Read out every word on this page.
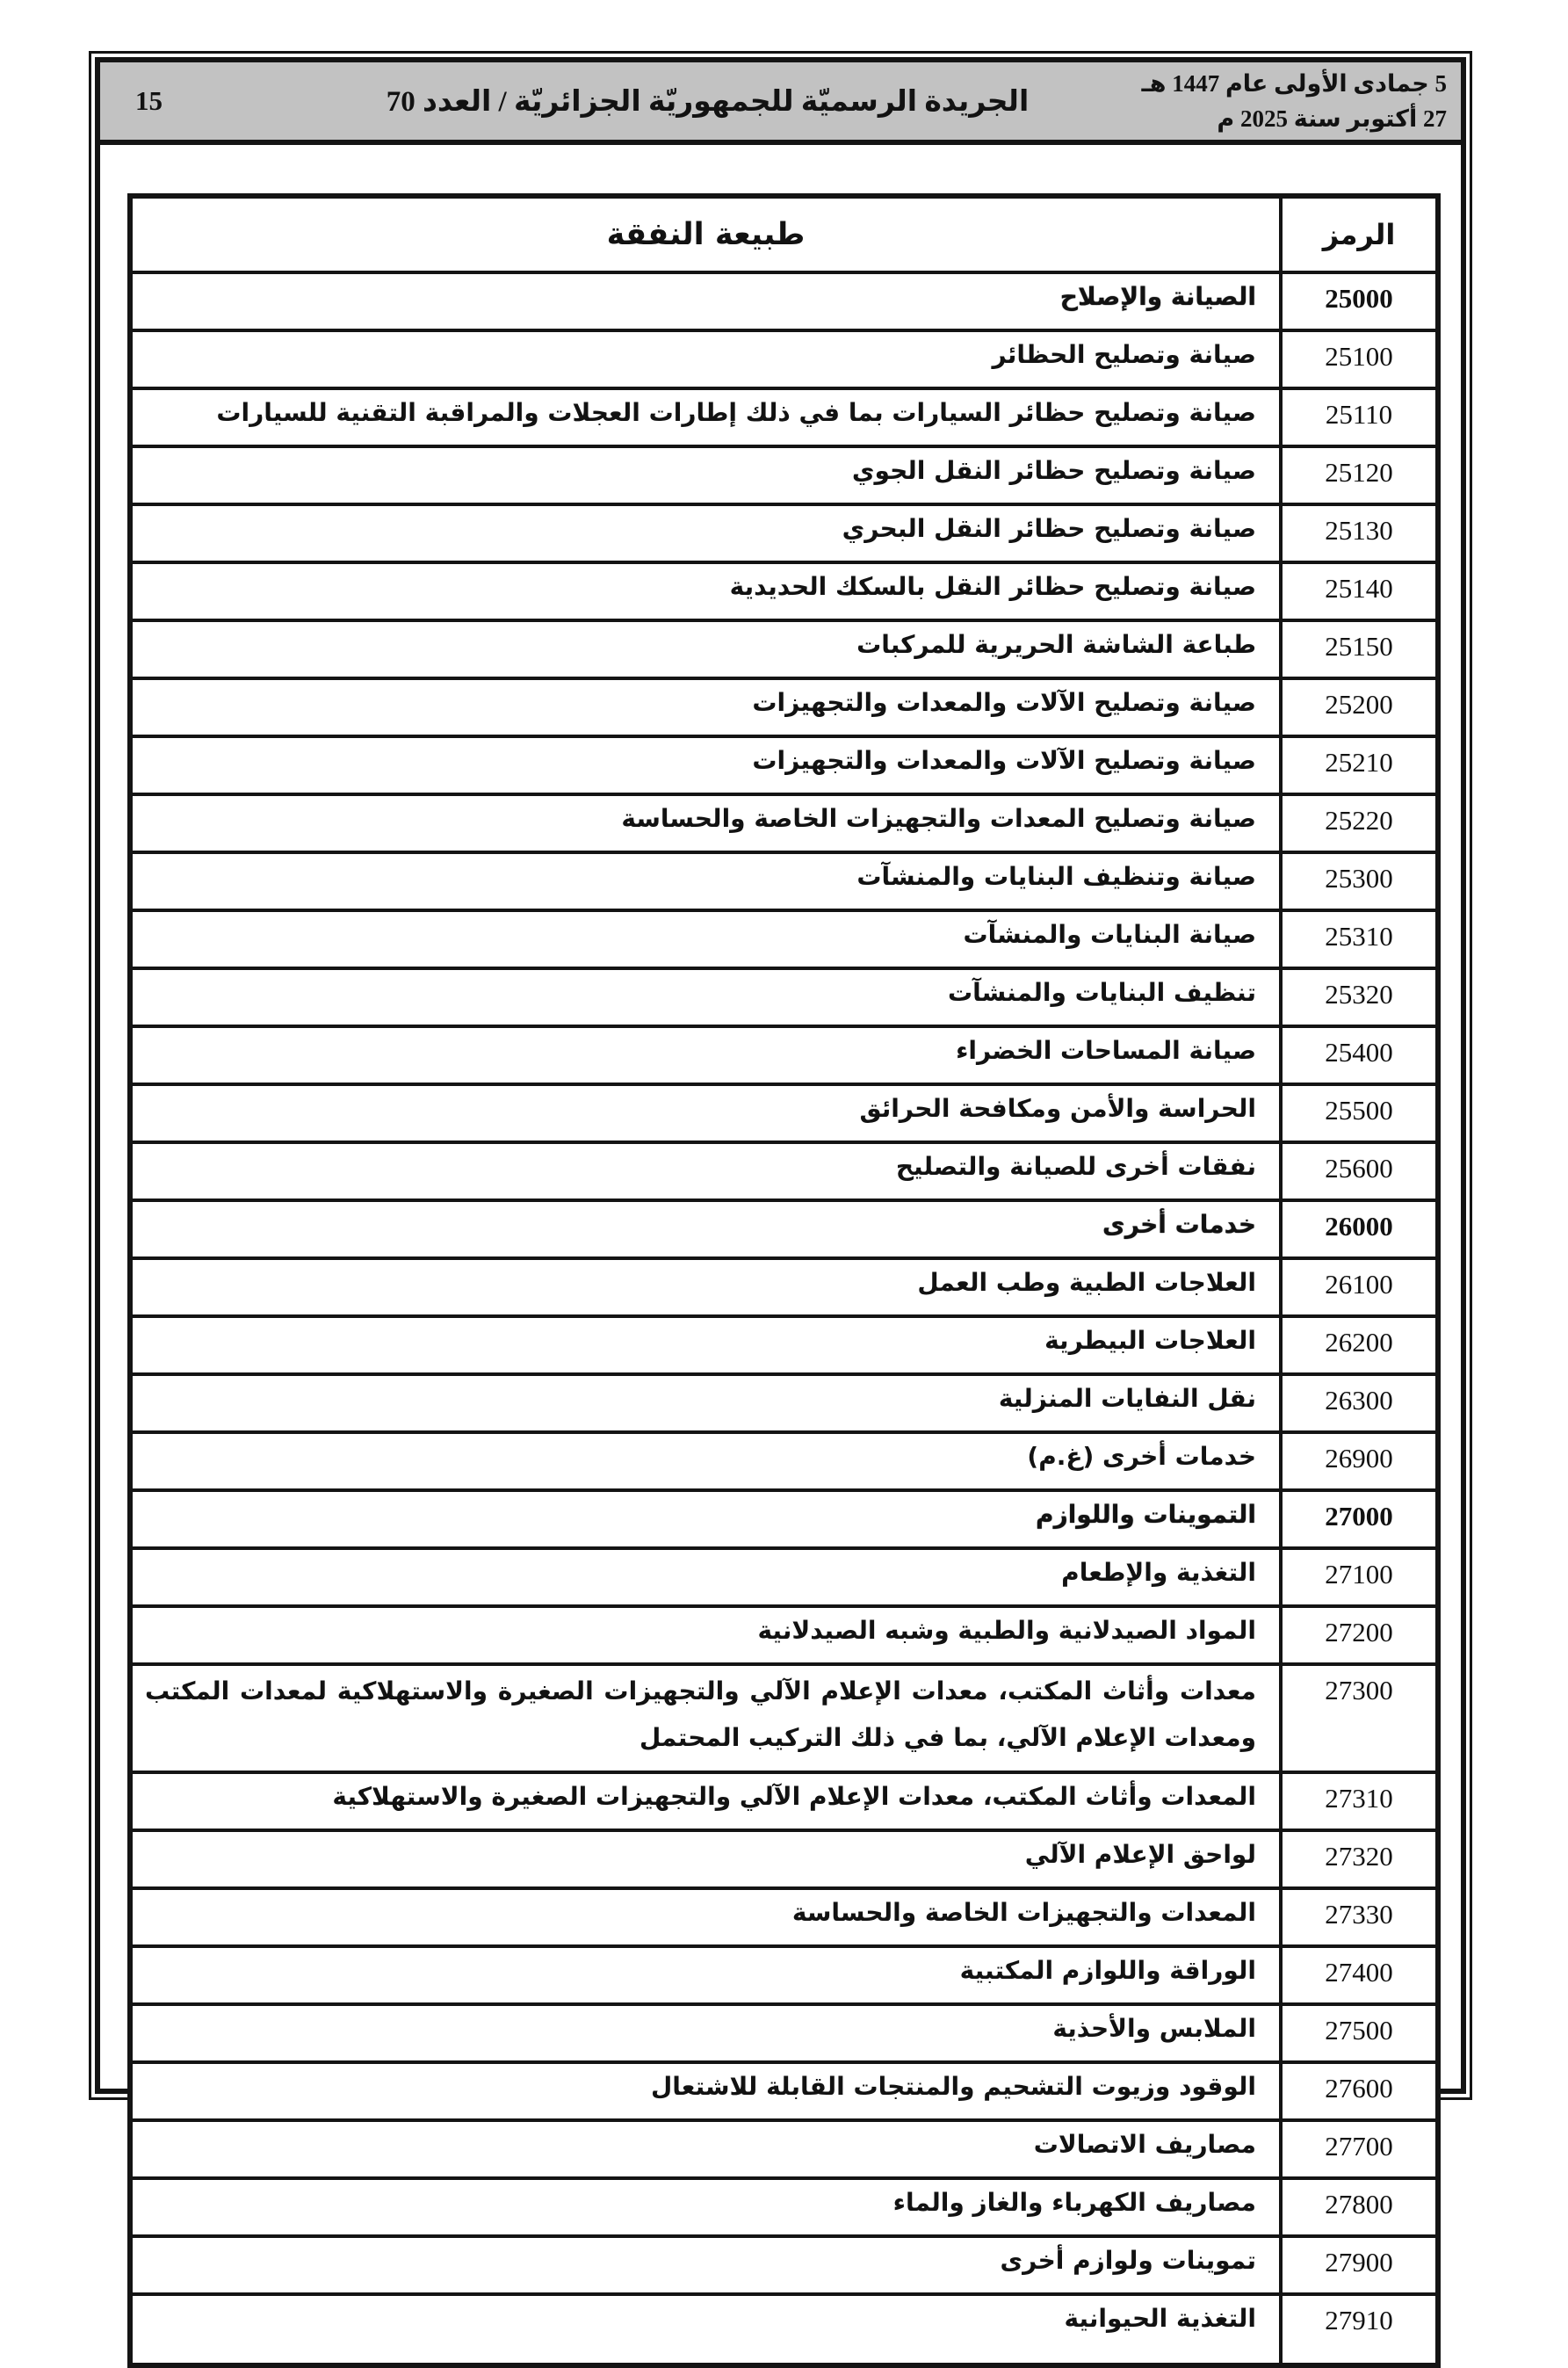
5 جمادى الأولى عام 1447 هـ
27 أكتوبر سنة 2025 م
الجريدة الرسميّة للجمهوريّة الجزائريّة / العدد 70
15
الرمز	طبيعة النفقة
25000	الصيانة والإصلاح
25100	صيانة وتصليح الحظائر
25110	صيانة وتصليح حظائر السيارات بما في ذلك إطارات العجلات والمراقبة التقنية للسيارات
25120	صيانة وتصليح حظائر النقل الجوي
25130	صيانة وتصليح حظائر النقل البحري
25140	صيانة وتصليح حظائر النقل بالسكك الحديدية
25150	طباعة الشاشة الحريرية للمركبات
25200	صيانة وتصليح الآلات والمعدات والتجهيزات
25210	صيانة وتصليح الآلات والمعدات والتجهيزات
25220	صيانة وتصليح المعدات والتجهيزات الخاصة والحساسة
25300	صيانة وتنظيف البنايات والمنشآت
25310	صيانة البنايات والمنشآت
25320	تنظيف البنايات والمنشآت
25400	صيانة المساحات الخضراء
25500	الحراسة والأمن ومكافحة الحرائق
25600	نفقات أخرى للصيانة والتصليح
26000	خدمات أخرى
26100	العلاجات الطبية وطب العمل
26200	العلاجات البيطرية
26300	نقل النفايات المنزلية
26900	خدمات أخرى (غ.م)
27000	التموينات واللوازم
27100	التغذية والإطعام
27200	المواد الصيدلانية والطبية وشبه الصيدلانية
27300	معدات وأثاث المكتب، معدات الإعلام الآلي والتجهيزات الصغيرة والاستهلاكية لمعدات المكتب ومعدات الإعلام الآلي، بما في ذلك التركيب المحتمل
27310	المعدات وأثاث المكتب، معدات الإعلام الآلي والتجهيزات الصغيرة والاستهلاكية
27320	لواحق الإعلام الآلي
27330	المعدات والتجهيزات الخاصة والحساسة
27400	الوراقة واللوازم المكتبية
27500	الملابس والأحذية
27600	الوقود وزيوت التشحيم والمنتجات القابلة للاشتعال
27700	مصاريف الاتصالات
27800	مصاريف الكهرباء والغاز والماء
27900	تموينات ولوازم أخرى
27910	التغذية الحيوانية
